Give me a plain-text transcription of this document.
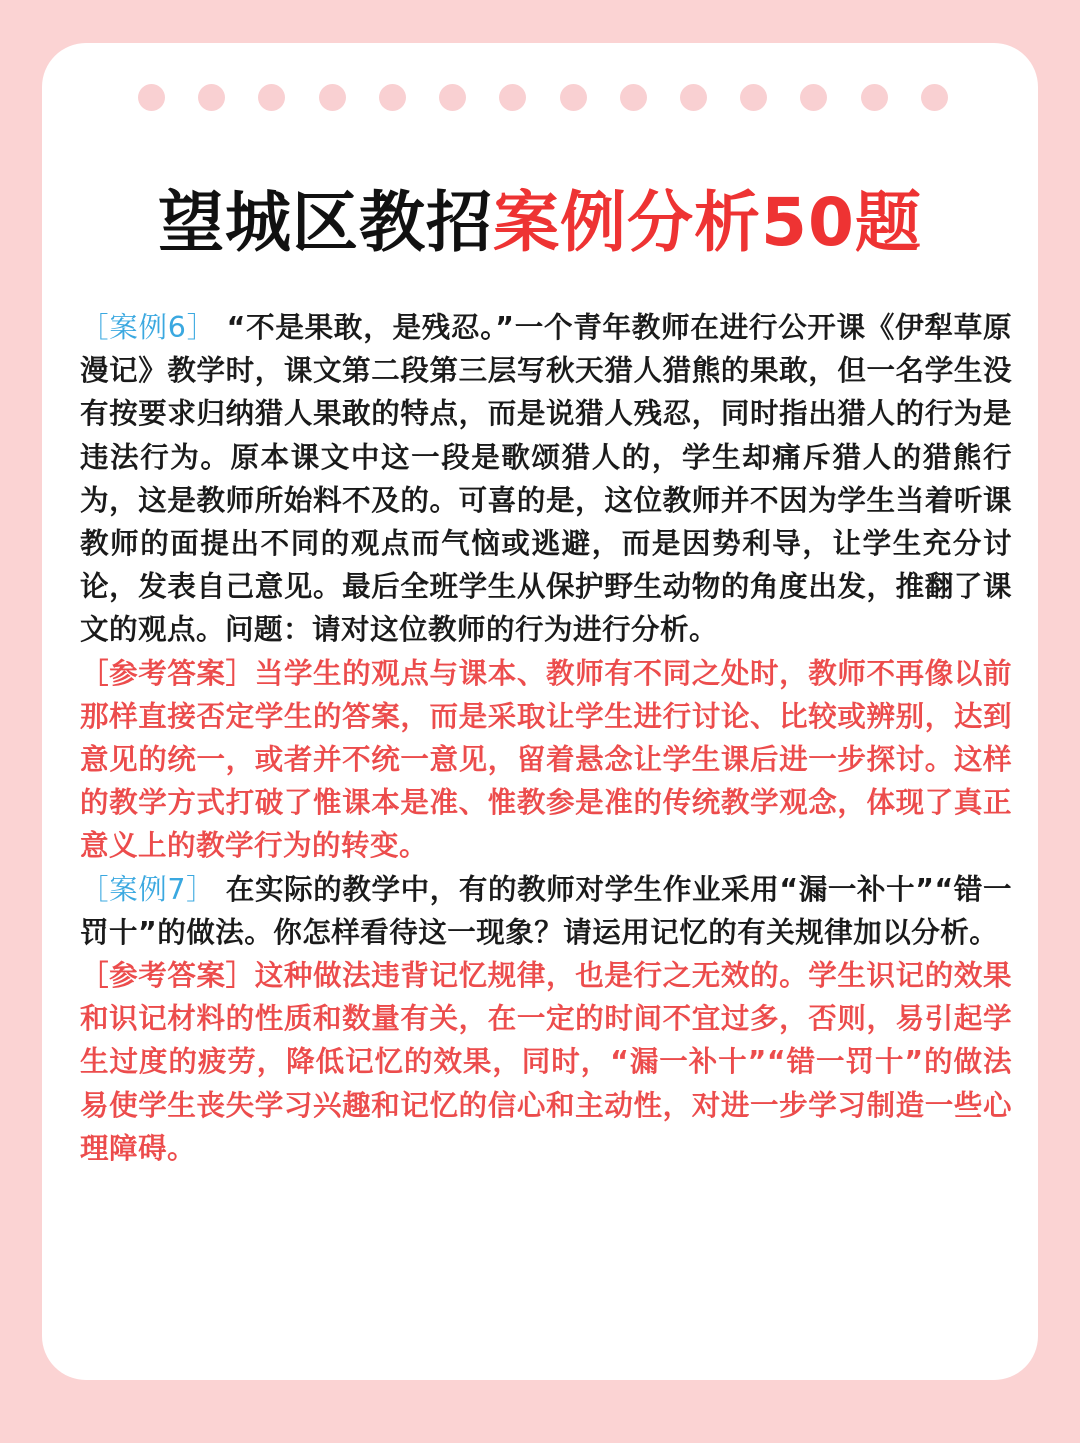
望城区教招案例分析50题

［案例6］ “不是果敢，是残忍。”一个青年教师在进行公开课《伊犁草原漫记》教学时，课文第二段第三层写秋天猎人猎熊的果敢，但一名学生没有按要求归纳猎人果敢的特点，而是说猎人残忍，同时指出猎人的行为是违法行为。原本课文中这一段是歌颂猎人的，学生却痛斥猎人的猎熊行为，这是教师所始料不及的。可喜的是，这位教师并不因为学生当着听课教师的面提出不同的观点而气恼或逃避，而是因势利导，让学生充分讨论，发表自己意见。最后全班学生从保护野生动物的角度出发，推翻了课文的观点。问题：请对这位教师的行为进行分析。

［参考答案］当学生的观点与课本、教师有不同之处时，教师不再像以前那样直接否定学生的答案，而是采取让学生进行讨论、比较或辨别，达到意见的统一，或者并不统一意见，留着悬念让学生课后进一步探讨。这样的教学方式打破了惟课本是准、惟教参是准的传统教学观念，体现了真正意义上的教学行为的转变。

［案例7］ 在实际的教学中，有的教师对学生作业采用“漏一补十”“错一罚十”的做法。你怎样看待这一现象？请运用记忆的有关规律加以分析。

［参考答案］这种做法违背记忆规律，也是行之无效的。学生识记的效果和识记材料的性质和数量有关，在一定的时间不宜过多，否则，易引起学生过度的疲劳，降低记忆的效果，同时，“漏一补十”“错一罚十”的做法易使学生丧失学习兴趣和记忆的信心和主动性，对进一步学习制造一些心理障碍。
